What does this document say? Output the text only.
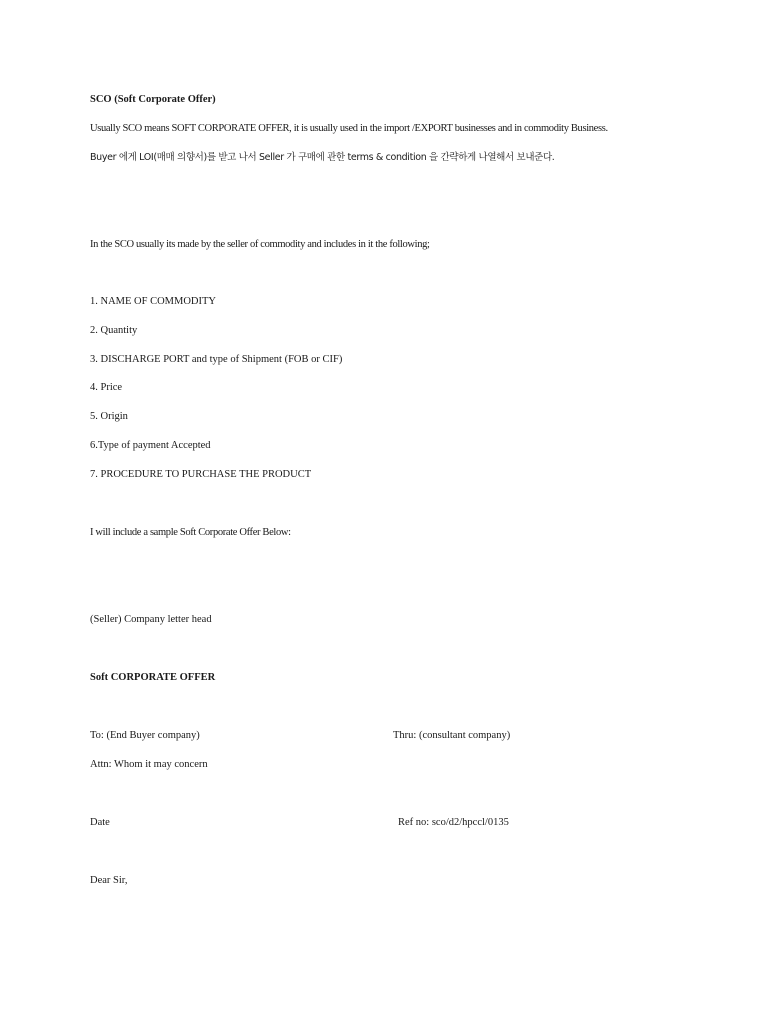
SCO (Soft Corporate Offer)
Usually SCO means SOFT CORPORATE OFFER, it is usually used in the import /EXPORT businesses and in commodity Business.
Buyer 에게 LOI(매매 의향서)를 받고 나서 Seller 가 구매에 관한 terms & condition 을 간략하게 나열해서 보내준다.
In the SCO usually its made by the seller of commodity and includes in it the following;
1. NAME OF COMMODITY
2. Quantity
3. DISCHARGE PORT and type of Shipment (FOB or CIF)
4. Price
5. Origin
6.Type of payment Accepted
7. PROCEDURE TO PURCHASE THE PRODUCT
I will include a sample Soft Corporate Offer Below:
(Seller) Company letter head
Soft CORPORATE OFFER
To: (End Buyer company)	Thru: (consultant company)
Attn: Whom it may concern
Date	Ref no: sco/d2/hpccl/0135
Dear Sir,
